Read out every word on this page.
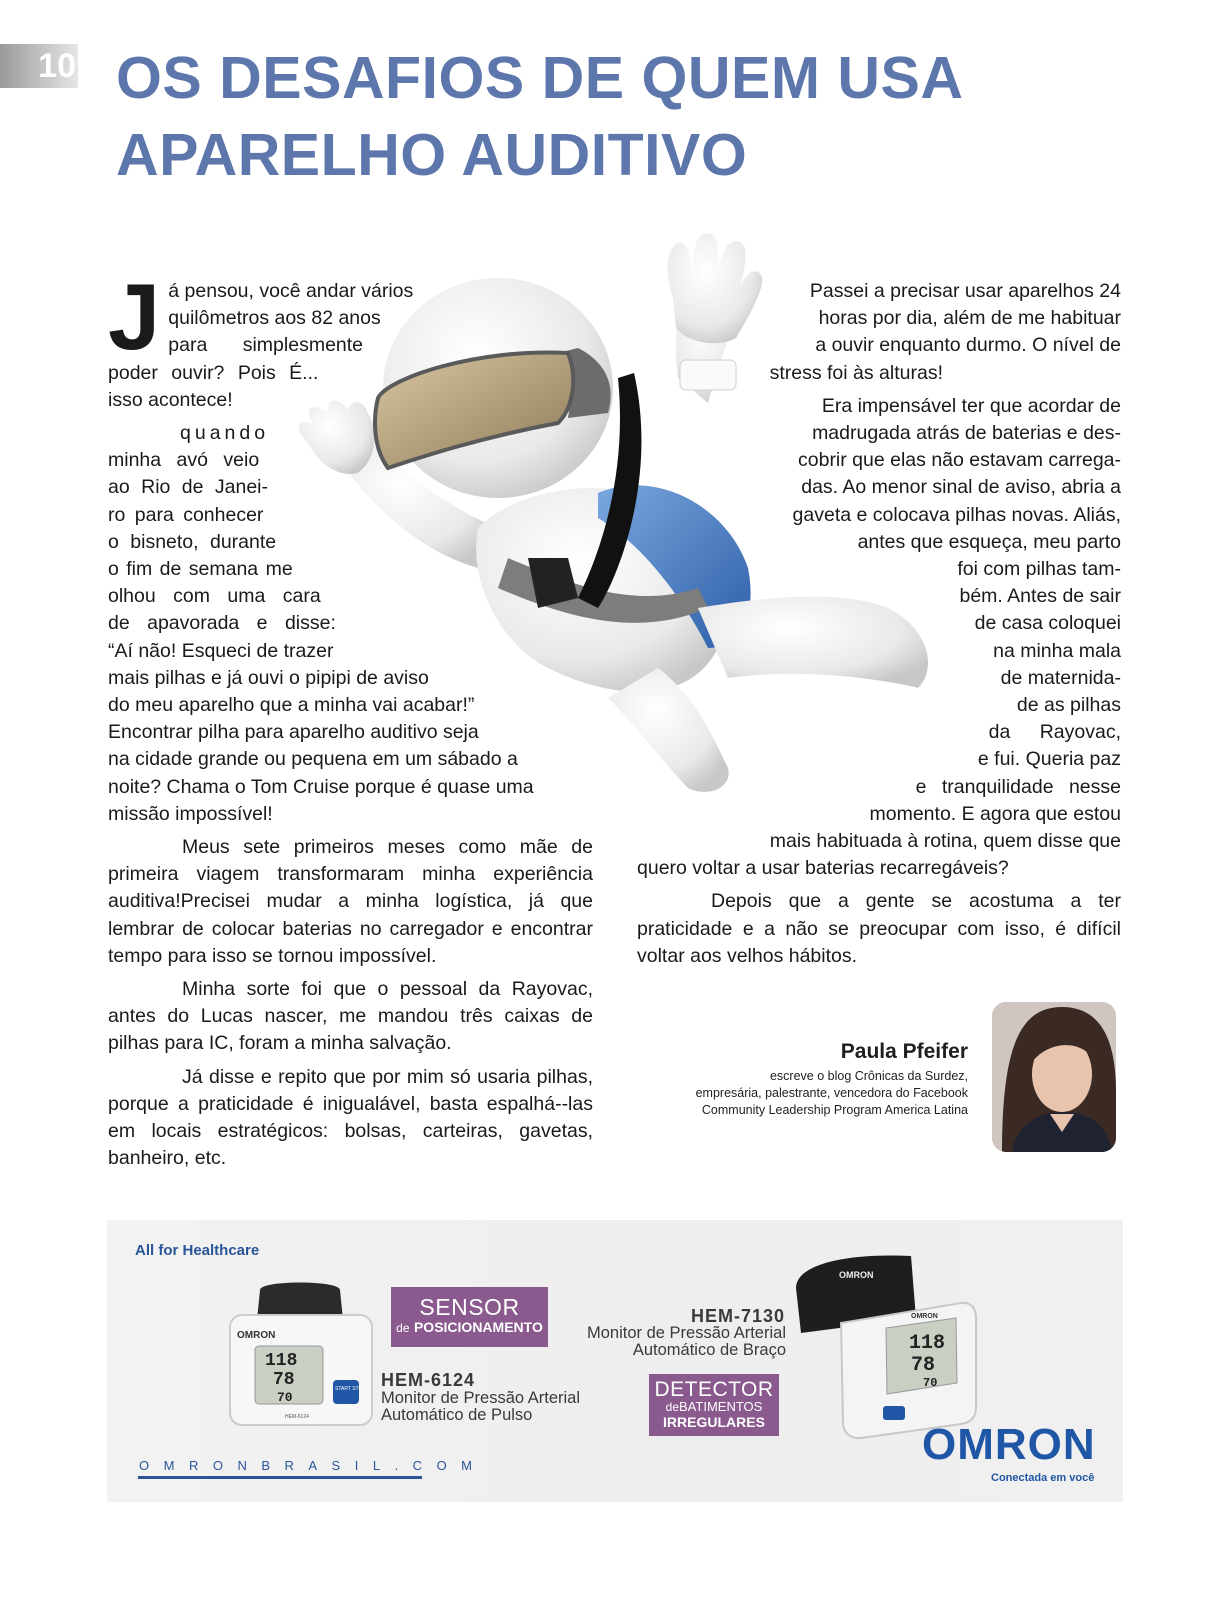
10 OS DESAFIOS DE QUEM USA
APARELHO AUDITIVO
J á pensou, você andar vários
quilômetros aos 82 anos
para simplesmente
poder ouvir? Pois É...
isso acontece!
quando
minha avó veio
ao Rio de Janei-
ro para conhecer
o bisneto, durante
o fim de semana me
olhou com uma cara
de apavorada e disse:
“Aí não! Esqueci de trazer
mais pilhas e já ouvi o pipipi de aviso
do meu aparelho que a minha vai acabar!”
Encontrar pilha para aparelho auditivo seja
na cidade grande ou pequena em um sábado a
noite? Chama o Tom Cruise porque é quase uma
missão impossível!

Meus sete primeiros meses como mãe de primeira viagem transformaram minha experiência auditiva!Precisei mudar a minha logística, já que lembrar de colocar baterias no carregador e encontrar tempo para isso se tornou impossível.

Minha sorte foi que o pessoal da Rayovac, antes do Lucas nascer, me mandou três caixas de pilhas para IC, foram a minha salvação.

Já disse e repito que por mim só usaria pilhas, porque a praticidade é inigualável, basta espalhá--las em locais estratégicos: bolsas, carteiras, gavetas, banheiro, etc.

Passei a precisar usar aparelhos 24
horas por dia, além de me habituar
a ouvir enquanto durmo. O nível de
stress foi às alturas!
Era impensável ter que acordar de
madrugada atrás de baterias e des-
cobrir que elas não estavam carrega-
das. Ao menor sinal de aviso, abria a
gaveta e colocava pilhas novas. Aliás,
antes que esqueça, meu parto
foi com pilhas tam-
bém. Antes de sair
de casa coloquei
na minha mala
de maternida-
de as pilhas
da Rayovac,
e fui. Queria paz
e tranquilidade nesse
momento. E agora que estou
mais habituada à rotina, quem disse que
quero voltar a usar baterias recarregáveis?

Depois que a gente se acostuma a ter praticidade e a não se preocupar com isso, é difícil voltar aos velhos hábitos.

Paula Pfeifer

escreve o blog Crônicas da Surdez,
empresária, palestrante, vencedora do Facebook
Community Leadership Program America Latina

All for Healthcare

OMRON
118
78
70
START STOP
HEM-6124
SENSOR
de POSICIONAMENTO

HEM-6124

Monitor de Pressão Arterial
Automático de Pulso

HEM-7130

Monitor de Pressão Arterial
Automático de Braço

DETECTOR
deBATIMENTOS
IRREGULARES
OMRON
OMRON
118
78
70

OMRONBRASIL.COM	OMRON

Conectada em você
